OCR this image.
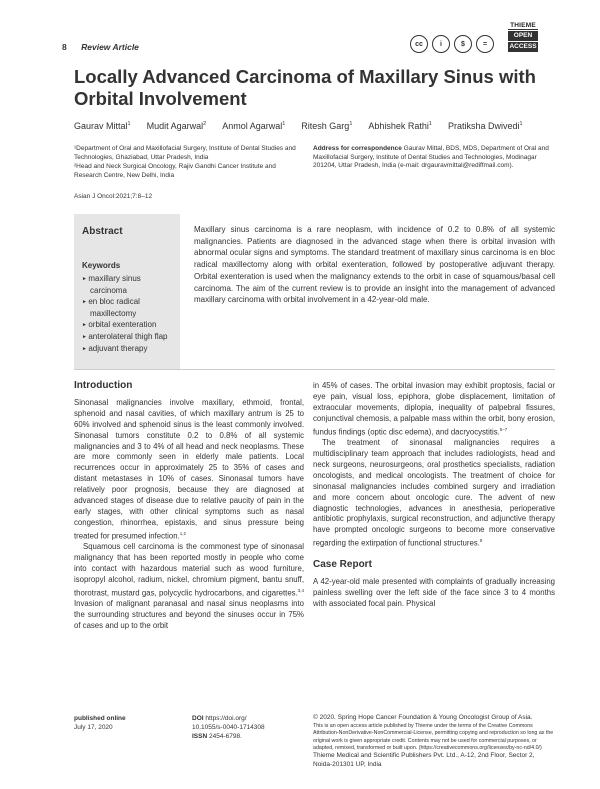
8 Review Article	cc	i	$	=
THIEME
OPEN
ACCESS
Locally Advanced Carcinoma of Maxillary Sinus with Orbital Involvement
Gaurav Mittal$^1$ Mudit Agarwal$^2$ Anmol Agarwal$^1$ Ritesh Garg$^1$ Abhishek Rathi$^1$ Pratiksha Dwivedi$^1$

¹Department of Oral and Maxillofacial Surgery, Institute of Dental Studies and Technologies, Ghaziabad, Uttar Pradesh, India

²Head and Neck Surgical Oncology, Rajiv Gandhi Cancer Institute and Research Centre, New Delhi, India

Address for correspondence Gaurav Mittal, BDS, MDS, Department of Oral and Maxillofacial Surgery, Institute of Dental Studies and Technologies, Modinagar 201204, Uttar Pradesh, India (e-mail: drgauravmittal@rediffmail.com).
Asian J Oncol:2021;7:8–12
Abstract
Keywords
► maxillary sinus carcinoma
► en bloc radical maxillectomy
► orbital exenteration
► anterolateral thigh flap
► adjuvant therapy

Maxillary sinus carcinoma is a rare neoplasm, with incidence of 0.2 to 0.8% of all systemic malignancies. Patients are diagnosed in the advanced stage when there is orbital invasion with abnormal ocular signs and symptoms. The standard treatment of maxillary sinus carcinoma is en bloc radical maxillectomy along with orbital exenteration, followed by postoperative adjuvant therapy. Orbital exenteration is used when the malignancy extends to the orbit in case of squamous/basal cell carcinoma. The aim of the current review is to provide an insight into the management of advanced maxillary carcinoma with orbital involvement in a 42-year-old male.

Introduction

Sinonasal malignancies involve maxillary, ethmoid, frontal, sphenoid and nasal cavities, of which maxillary antrum is 25 to 60% involved and sphenoid sinus is the least commonly involved. Sinonasal tumors constitute 0.2 to 0.8% of all systemic malignancies and 3 to 4% of all head and neck neoplasms. These are more commonly seen in elderly male patients. Local recurrences occur in approximately 25 to 35% of cases and distant metastases in 10% of cases. Sinonasal tumors have relatively poor prognosis, because they are diagnosed at advanced stages of disease due to relative paucity of pain in the early stages, with other clinical symptoms such as nasal congestion, rhinorrhea, epistaxis, and sinus pressure being treated for presumed infection.$^{1,2}$

Squamous cell carcinoma is the commonest type of sinonasal malignancy that has been reported mostly in people who come into contact with hazardous material such as wood furniture, isopropyl alcohol, radium, nickel, chromium pigment, bantu snuff, thorotrast, mustard gas, polycyclic hydrocarbons, and cigarettes.$^{3,4}$ Invasion of malignant paranasal and nasal sinus neoplasms into the surrounding structures and beyond the sinuses occur in 75% of cases and up to the orbit

in 45% of cases. The orbital invasion may exhibit proptosis, facial or eye pain, visual loss, epiphora, globe displacement, limitation of extraocular movements, diplopia, inequality of palpebral fissures, conjunctival chemosis, a palpable mass within the orbit, bony erosion, fundus findings (optic disc edema), and dacryocystitis.$^{5-7}$

The treatment of sinonasal malignancies requires a multidisciplinary team approach that includes radiologists, head and neck surgeons, neurosurgeons, oral prosthetics specialists, radiation oncologists, and medical oncologists. The treatment of choice for sinonasal malignancies includes combined surgery and irradiation and more concern about oncologic cure. The advent of new diagnostic technologies, advances in anesthesia, perioperative antibiotic prophylaxis, surgical reconstruction, and adjunctive therapy have prompted oncologic surgeons to become more conservative regarding the extirpation of functional structures.$^8$

Case Report

A 42-year-old male presented with complaints of gradually increasing painless swelling over the left side of the face since 3 to 4 months with associated focal pain. Physical

published online
July 17, 2020
DOI https://doi.org/
10.1055/s-0040-1714308
ISSN 2454-6798.
© 2020. Spring Hope Cancer Foundation & Young Oncologist Group of Asia.
This is an open access article published by Thieme under the terms of the Creative Commons Attribution-NonDerivative-NonCommercial-License, permitting copying and reproduction so long as the original work is given appropriate credit. Contents may not be used for commercial purposes, or adapted, remixed, transformed or built upon. (https://creativecommons.org/licenses/by-nc-nd/4.0/)
Thieme Medical and Scientific Publishers Pvt. Ltd., A-12, 2nd Floor, Sector 2, Noida-201301 UP, India
